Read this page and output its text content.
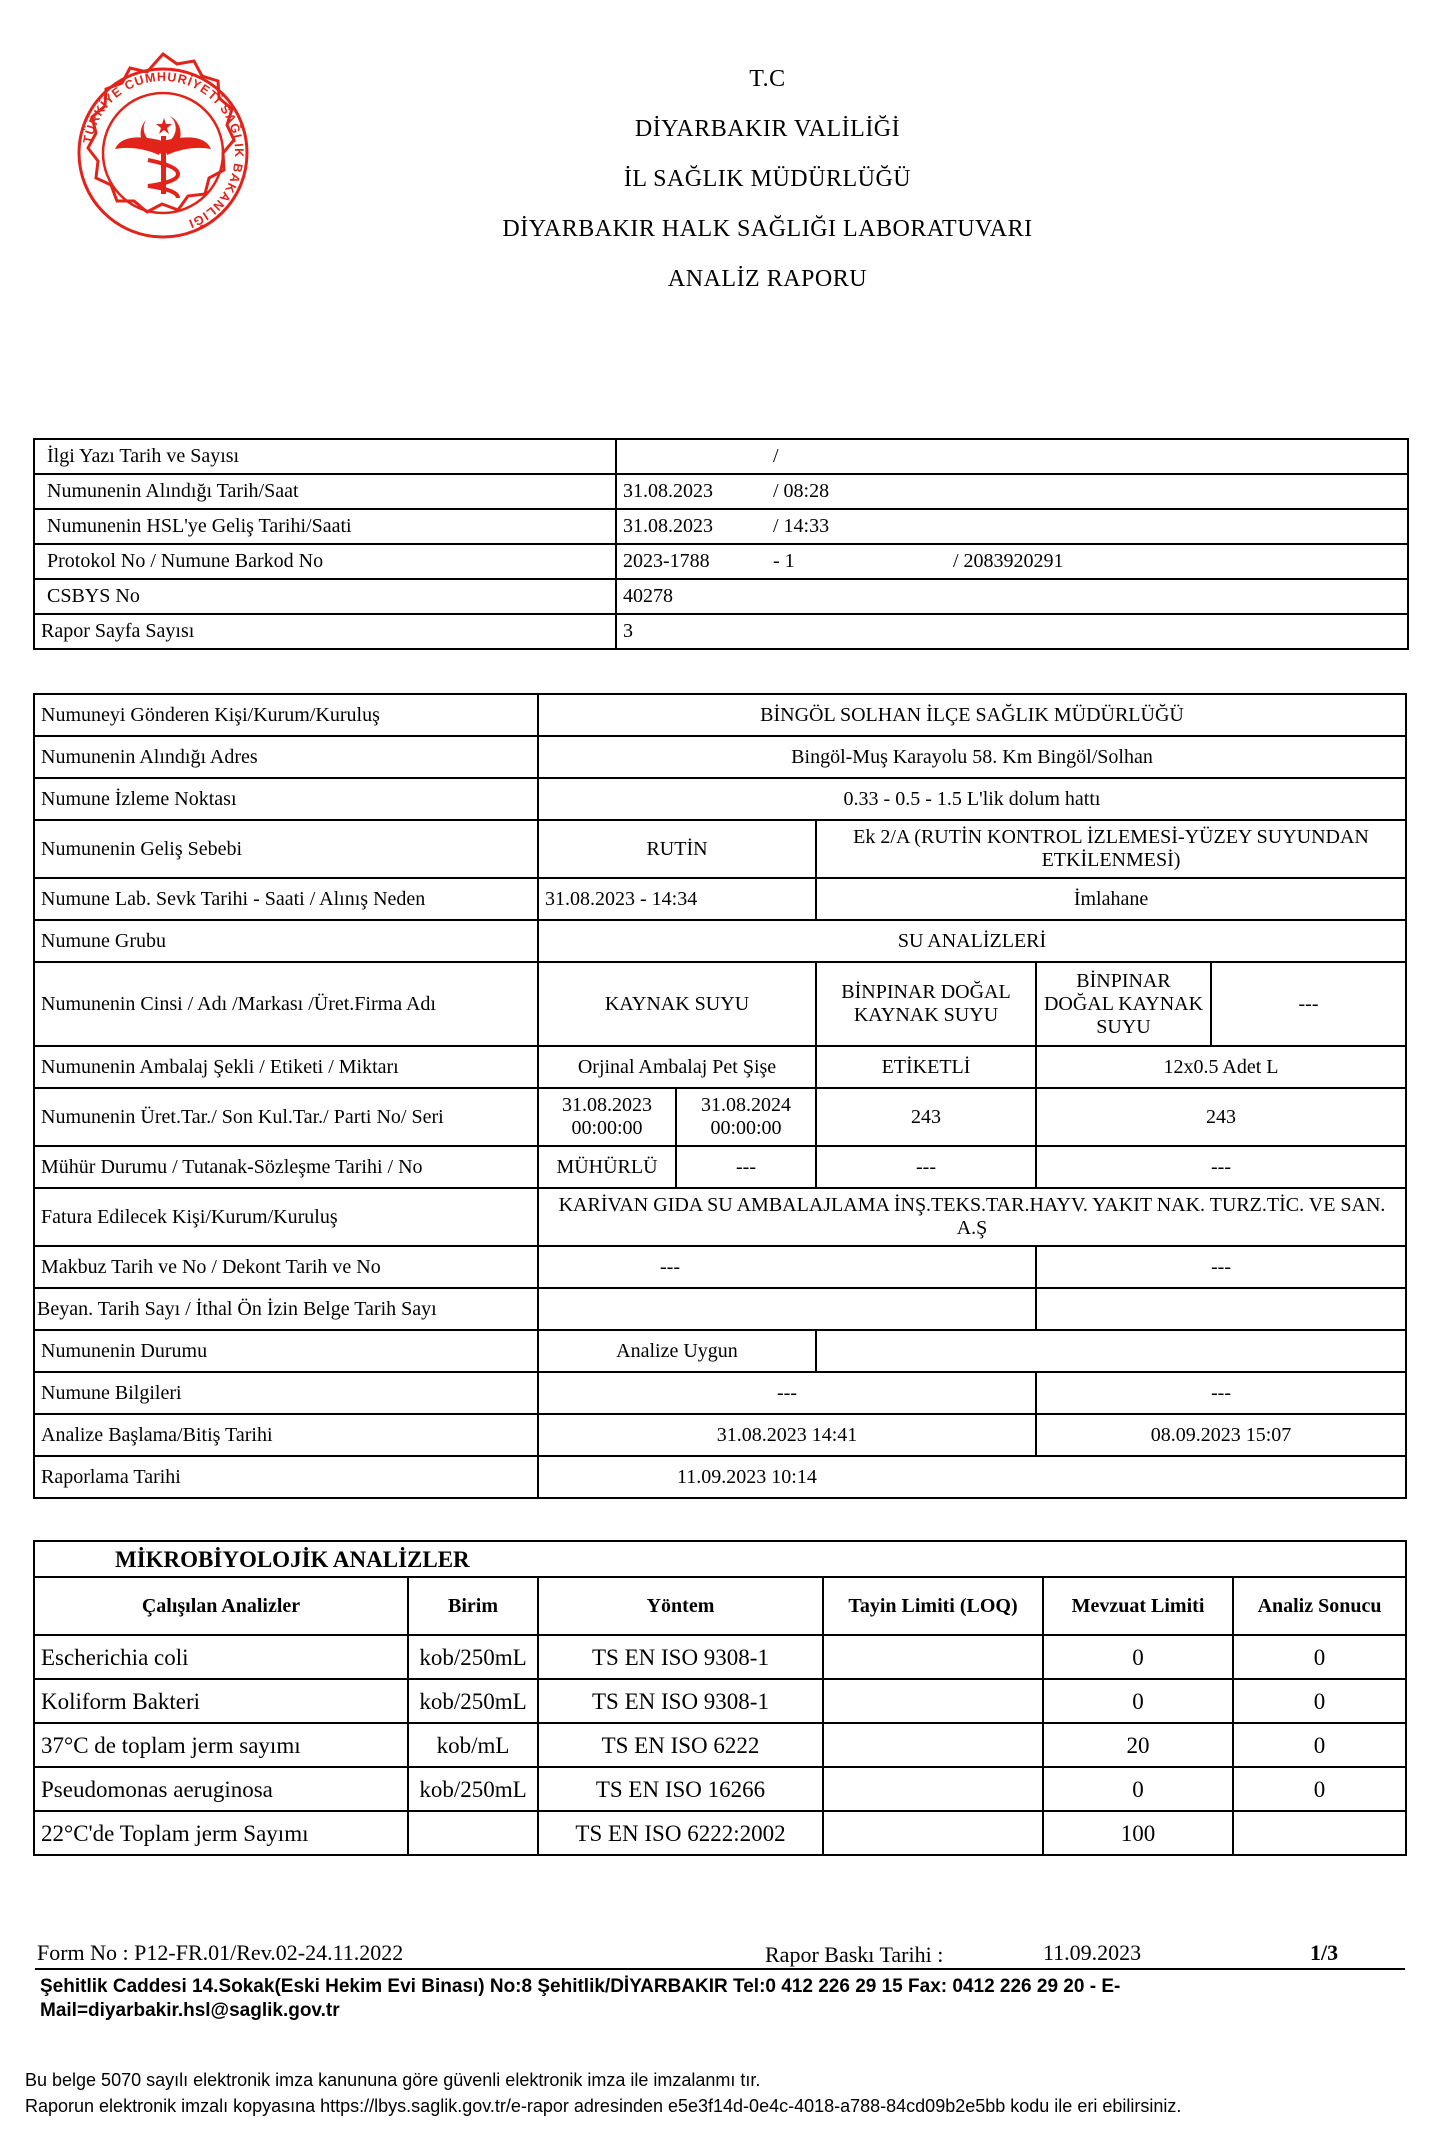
TÜRKİYE CUMHURİYETİ SAĞLIK BAKANLIĞI
T.C
DİYARBAKIR VALİLİĞİ
İL SAĞLIK MÜDÜRLÜĞÜ
DİYARBAKIR HALK SAĞLIĞI LABORATUVARI
ANALİZ RAPORU
İlgi Yazı Tarih ve Sayısı	/
Numunenin Alındığı Tarih/Saat	31.08.2023 / 08:28
Numunenin HSL'ye Geliş Tarihi/Saati	31.08.2023 / 14:33
Protokol No / Numune Barkod No	2023-1788 - 1 / 2083920291
CSBYS No	40278
Rapor Sayfa Sayısı	3
Numuneyi Gönderen Kişi/Kurum/Kuruluş	BİNGÖL SOLHAN İLÇE SAĞLIK MÜDÜRLÜĞÜ				
Numunenin Alındığı Adres	Bingöl-Muş Karayolu 58. Km Bingöl/Solhan				
Numune İzleme Noktası	0.33 - 0.5 - 1.5 L'lik dolum hattı				
Numunenin Geliş Sebebi	RUTİN		Ek 2/A (RUTİN KONTROL İZLEMESİ-YÜZEY SUYUNDAN ETKİLENMESİ)		
Numune Lab. Sevk Tarihi - Saati / Alınış Neden	31.08.2023 - 14:34		İmlahane		
Numune Grubu	SU ANALİZLERİ				
Numunenin Cinsi / Adı /Markası /Üret.Firma Adı	KAYNAK SUYU		BİNPINAR DOĞAL KAYNAK SUYU	BİNPINAR DOĞAL KAYNAK SUYU	---
Numunenin Ambalaj Şekli / Etiketi / Miktarı	Orjinal Ambalaj Pet Şişe		ETİKETLİ	12x0.5 Adet L	
Numunenin Üret.Tar./ Son Kul.Tar./ Parti No/ Seri	31.08.2023 00:00:00	31.08.2024 00:00:00	243	243	
Mühür Durumu / Tutanak-Sözleşme Tarihi / No	MÜHÜRLÜ	---	---	---	
Fatura Edilecek Kişi/Kurum/Kuruluş	KARİVAN GIDA SU AMBALAJLAMA İNŞ.TEKS.TAR.HAYV. YAKIT NAK. TURZ.TİC. VE SAN. A.Ş				
Makbuz Tarih ve No / Dekont Tarih ve No	---			---	
Beyan. Tarih Sayı / İthal Ön İzin Belge Tarih Sayı					
Numunenin Durumu	Analize Uygun				
Numune Bilgileri	---			---	
Analize Başlama/Bitiş Tarihi	31.08.2023 14:41			08.09.2023 15:07	
Raporlama Tarihi	11.09.2023 10:14				
MİKROBİYOLOJİK ANALİZLER					
Çalışılan Analizler	Birim	Yöntem	Tayin Limiti (LOQ)	Mevzuat Limiti	Analiz Sonucu
Escherichia coli	kob/250mL	TS EN ISO 9308-1		0	0
Koliform Bakteri	kob/250mL	TS EN ISO 9308-1		0	0
37°C de toplam jerm sayımı	kob/mL	TS EN ISO 6222		20	0
Pseudomonas aeruginosa	kob/250mL	TS EN ISO 16266		0	0
22°C'de Toplam jerm Sayımı		TS EN ISO 6222:2002		100	
Form No : P12-FR.01/Rev.02-24.11.2022	Rapor Baskı Tarihi :	11.09.2023	1/3
Şehitlik Caddesi 14.Sokak(Eski Hekim Evi Binası) No:8 Şehitlik/DİYARBAKIR Tel:0 412 226 29 15 Fax: 0412 226 29 20 - E-Mail=diyarbakir.hsl@saglik.gov.tr
Bu belge 5070 sayılı elektronik imza kanununa göre güvenli elektronik imza ile imzalanmı tır.
Raporun elektronik imzalı kopyasına https://lbys.saglik.gov.tr/e-rapor adresinden e5e3f14d-0e4c-4018-a788-84cd09b2e5bb kodu ile eri ebilirsiniz.
